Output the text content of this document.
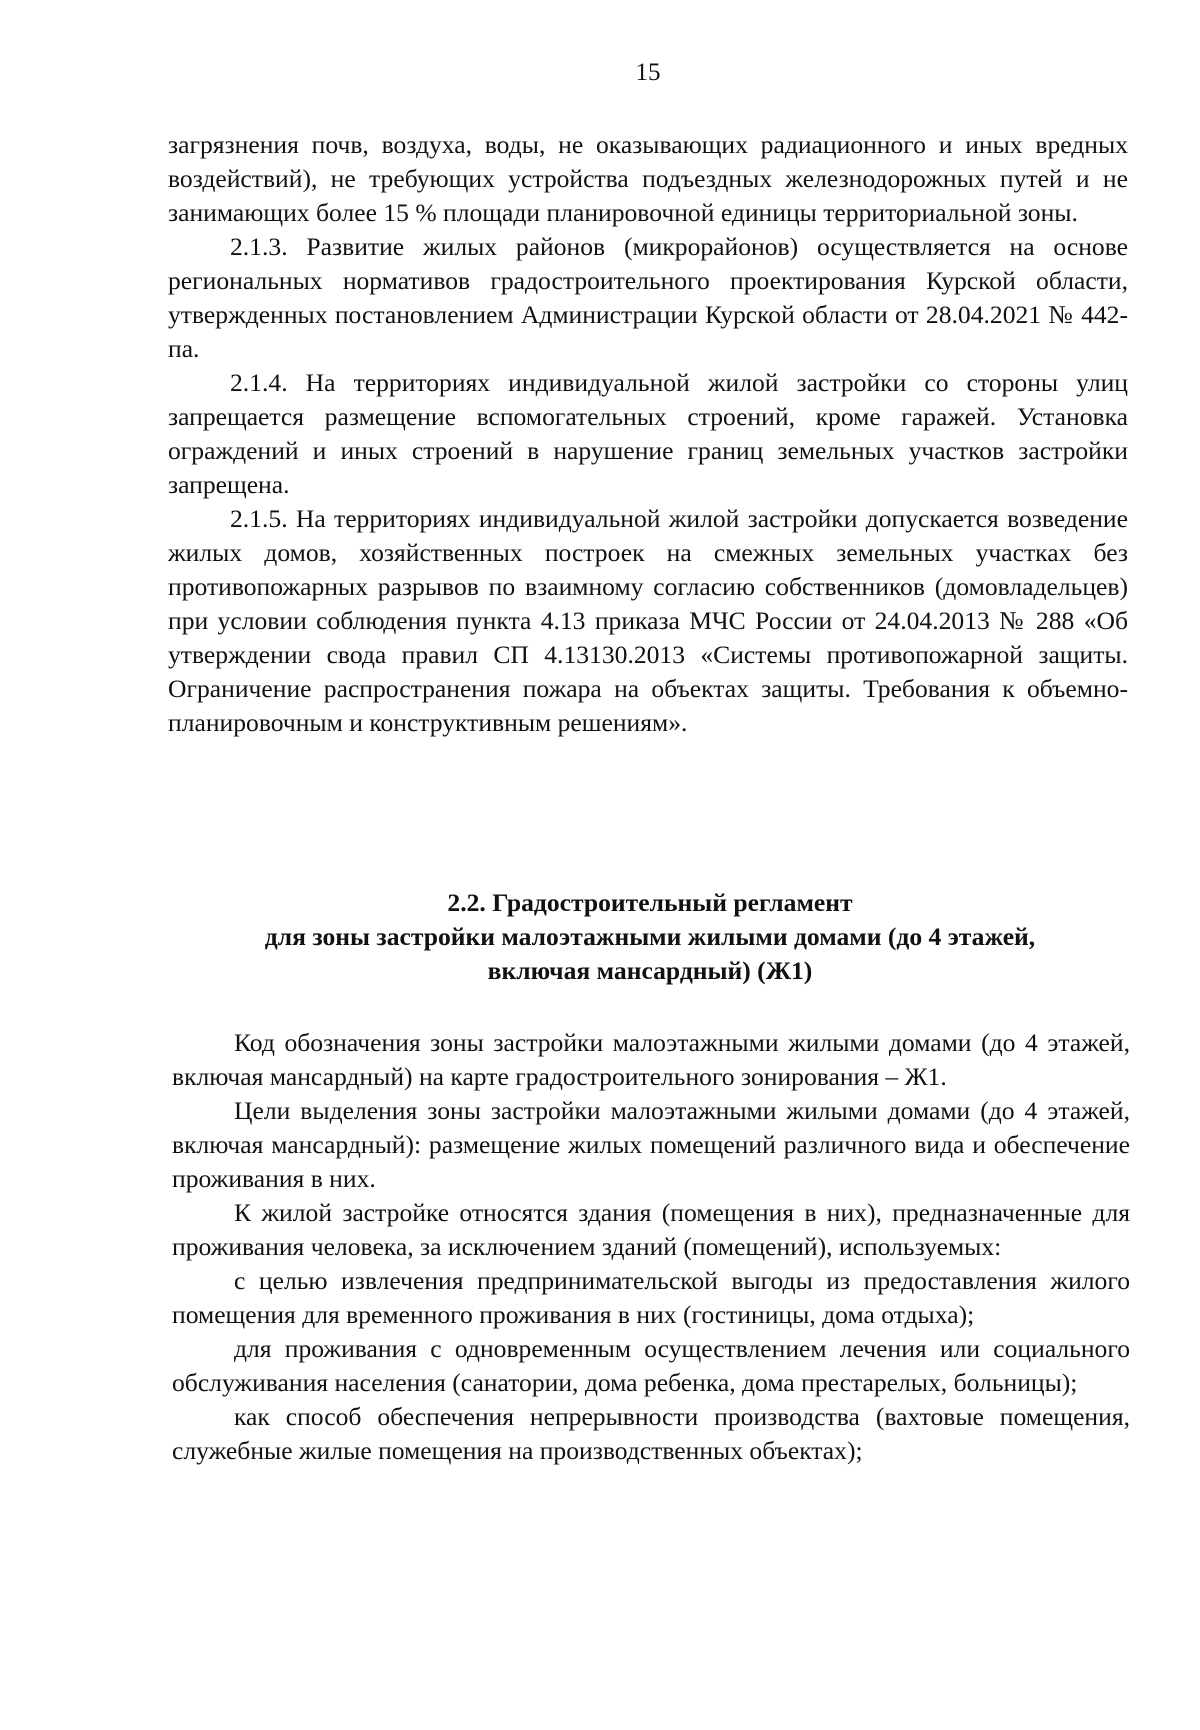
15

загрязнения почв, воздуха, воды, не оказывающих радиационного и иных вредных воздействий), не требующих устройства подъездных железнодорожных путей и не занимающих более 15 % площади планировочной единицы территориальной зоны.

2.1.3. Развитие жилых районов (микрорайонов) осуществляется на основе региональных нормативов градостроительного проектирования Курской области, утвержденных постановлением Администрации Курской области от 28.04.2021 № 442-па.

2.1.4. На территориях индивидуальной жилой застройки со стороны улиц запрещается размещение вспомогательных строений, кроме гаражей. Установка ограждений и иных строений в нарушение границ земельных участков застройки запрещена.

2.1.5. На территориях индивидуальной жилой застройки допускается возведение жилых домов, хозяйственных построек на смежных земельных участках без противопожарных разрывов по взаимному согласию собственников (домовладельцев) при условии соблюдения пункта 4.13 приказа МЧС России от 24.04.2013 № 288 «Об утверждении свода правил СП 4.13130.2013 «Системы противопожарной защиты. Ограничение распространения пожара на объектах защиты. Требования к объемно-планировочным и конструктивным решениям».

2.2. Градостроительный регламент
для зоны застройки малоэтажными жилыми домами (до 4 этажей,
включая мансардный) (Ж1)

Код обозначения зоны застройки малоэтажными жилыми домами (до 4 этажей, включая мансардный) на карте градостроительного зонирования – Ж1.

Цели выделения зоны застройки малоэтажными жилыми домами (до 4 этажей, включая мансардный): размещение жилых помещений различного вида и обеспечение проживания в них.

К жилой застройке относятся здания (помещения в них), предназначенные для проживания человека, за исключением зданий (помещений), используемых:

с целью извлечения предпринимательской выгоды из предоставления жилого помещения для временного проживания в них (гостиницы, дома отдыха);

для проживания с одновременным осуществлением лечения или социального обслуживания населения (санатории, дома ребенка, дома престарелых, больницы);

как способ обеспечения непрерывности производства (вахтовые помещения, служебные жилые помещения на производственных объектах);
